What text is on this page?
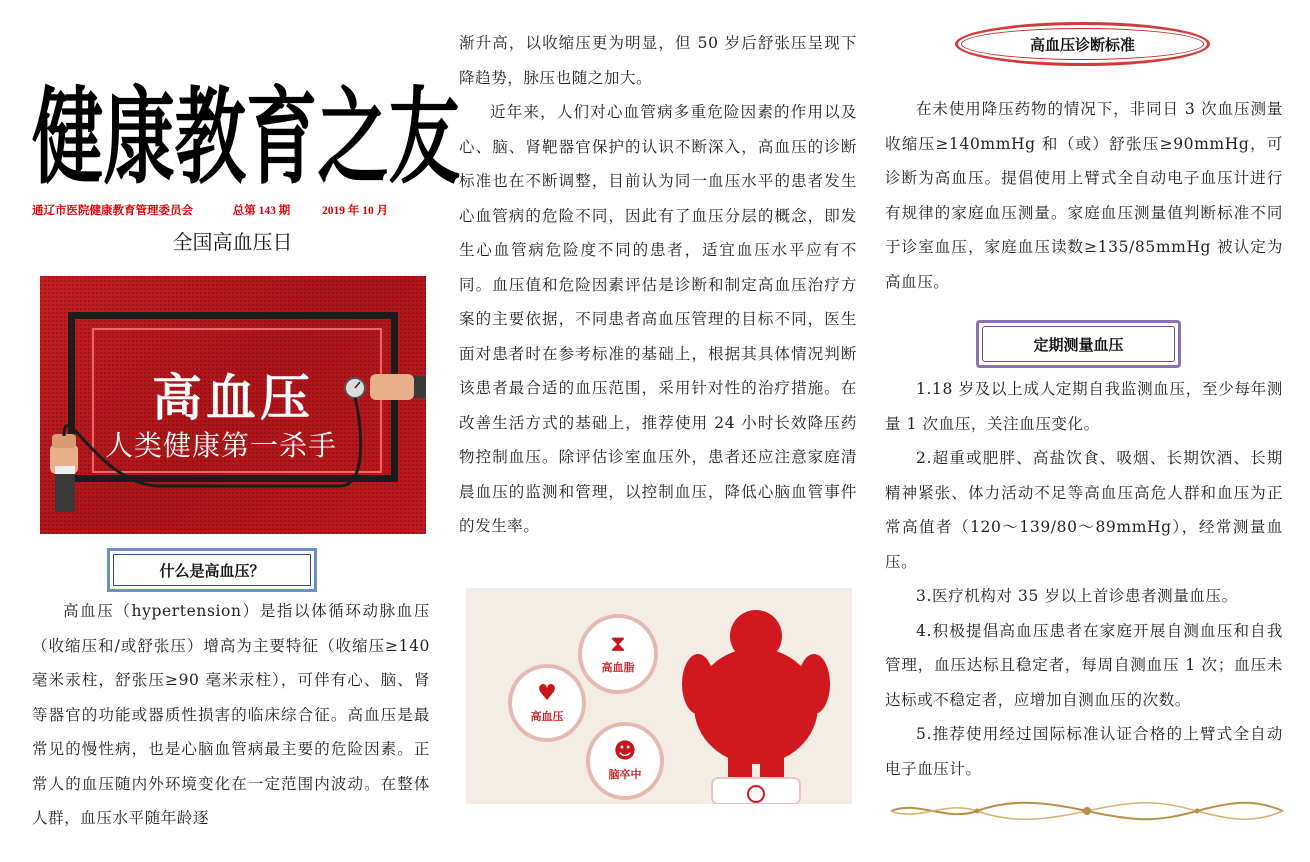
健康教育之友
通辽市医院健康教育管理委员会	总第 143 期	2019 年 10 月
全国高血压日
高血压
人类健康第一杀手
什么是高血压？

高血压（hypertension）是指以体循环动脉血压（收缩压和/或舒张压）增高为主要特征（收缩压≥140 毫米汞柱，舒张压≥90 毫米汞柱），可伴有心、脑、肾等器官的功能或器质性损害的临床综合征。高血压是最常见的慢性病，也是心脑血管病最主要的危险因素。正常人的血压随内外环境变化在一定范围内波动。在整体人群，血压水平随年龄逐

渐升高，以收缩压更为明显，但 50 岁后舒张压呈现下降趋势，脉压也随之加大。

近年来，人们对心血管病多重危险因素的作用以及心、脑、肾靶器官保护的认识不断深入，高血压的诊断标准也在不断调整，目前认为同一血压水平的患者发生心血管病的危险不同，因此有了血压分层的概念，即发生心血管病危险度不同的患者，适宜血压水平应有不同。血压值和危险因素评估是诊断和制定高血压治疗方案的主要依据，不同患者高血压管理的目标不同，医生面对患者时在参考标准的基础上，根据其具体情况判断该患者最合适的血压范围，采用针对性的治疗措施。在改善生活方式的基础上，推荐使用 24 小时长效降压药物控制血压。除评估诊室血压外，患者还应注意家庭清晨血压的监测和管理，以控制血压，降低心脑血管事件的发生率。

♥
高血压
⧗
高血脂
☻
脑卒中
高血压诊断标准

在未使用降压药物的情况下，非同日 3 次血压测量收缩压≥140mmHg 和（或）舒张压≥90mmHg，可诊断为高血压。提倡使用上臂式全自动电子血压计进行有规律的家庭血压测量。家庭血压测量值判断标准不同于诊室血压，家庭血压读数≥135/85mmHg 被认定为高血压。

定期测量血压

1.18 岁及以上成人定期自我监测血压，至少每年测量 1 次血压，关注血压变化。

2.超重或肥胖、高盐饮食、吸烟、长期饮酒、长期精神紧张、体力活动不足等高血压高危人群和血压为正常高值者（120～139/80～89mmHg），经常测量血压。

3.医疗机构对 35 岁以上首诊患者测量血压。

4.积极提倡高血压患者在家庭开展自测血压和自我管理，血压达标且稳定者，每周自测血压 1 次；血压未达标或不稳定者，应增加自测血压的次数。

5.推荐使用经过国际标准认证合格的上臂式全自动电子血压计。
